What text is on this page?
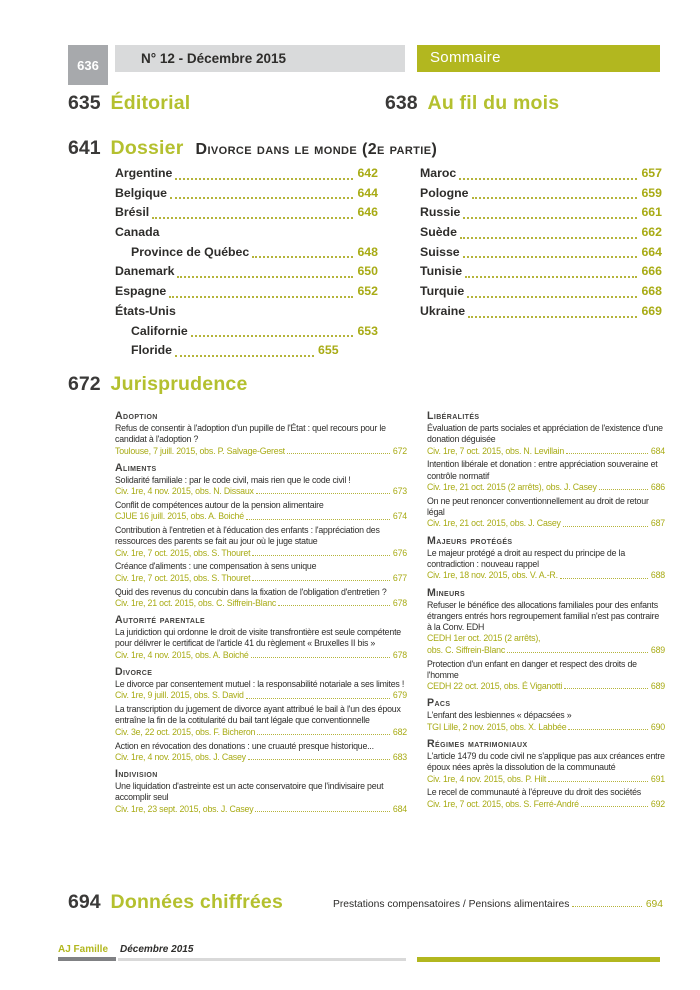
636	N° 12 - Décembre 2015	Sommaire
635 Éditorial	638 Au fil du mois
641 Dossier Divorce dans le monde (2e partie)
Argentine	642
Belgique	644
Brésil	646
Canada
Province de Québec	648
Danemark	650
Espagne	652
États-Unis
Californie	653
Floride	655
Maroc	657
Pologne	659
Russie	661
Suède	662
Suisse	664
Tunisie	666
Turquie	668
Ukraine	669
672 Jurisprudence
Adoption
Refus de consentir à l'adoption d'un pupille de l'État : quel recours pour le candidat à l'adoption ?
Toulouse, 7 juill. 2015, obs. P. Salvage-Gerest	672
Aliments
Solidarité familiale : par le code civil, mais rien que le code civil !
Civ. 1re, 4 nov. 2015, obs. N. Dissaux	673
Conflit de compétences autour de la pension alimentaire
CJUE 16 juill. 2015, obs. A. Boiché	674
Contribution à l'entretien et à l'éducation des enfants : l'appréciation des ressources des parents se fait au jour où le juge statue
Civ. 1re, 7 oct. 2015, obs. S. Thouret	676
Créance d'aliments : une compensation à sens unique
Civ. 1re, 7 oct. 2015, obs. S. Thouret	677
Quid des revenus du concubin dans la fixation de l'obligation d'entretien ?
Civ. 1re, 21 oct. 2015, obs. C. Siffrein-Blanc	678
Autorité parentale
La juridiction qui ordonne le droit de visite transfrontière est seule compétente pour délivrer le certificat de l'article 41 du règlement « Bruxelles II bis »
Civ. 1re, 4 nov. 2015, obs. A. Boiché	678
Divorce
Le divorce par consentement mutuel : la responsabilité notariale a ses limites !
Civ. 1re, 9 juill. 2015, obs. S. David	679
La transcription du jugement de divorce ayant attribué le bail à l'un des époux entraîne la fin de la cotitularité du bail tant légale que conventionnelle
Civ. 3e, 22 oct. 2015, obs. F. Bicheron	682
Action en révocation des donations : une cruauté presque historique...
Civ. 1re, 4 nov. 2015, obs. J. Casey	683
Indivision
Une liquidation d'astreinte est un acte conservatoire que l'indivisaire peut accomplir seul
Civ. 1re, 23 sept. 2015, obs. J. Casey	684
Libéralités
Évaluation de parts sociales et appréciation de l'existence d'une donation déguisée
Civ. 1re, 7 oct. 2015, obs. N. Levillain	684
Intention libérale et donation : entre appréciation souveraine et contrôle normatif
Civ. 1re, 21 oct. 2015 (2 arrêts), obs. J. Casey	686
On ne peut renoncer conventionnellement au droit de retour légal
Civ. 1re, 21 oct. 2015, obs. J. Casey	687
Majeurs protégés
Le majeur protégé a droit au respect du principe de la contradiction : nouveau rappel
Civ. 1re, 18 nov. 2015, obs. V. A.-R.	688
Mineurs
Refuser le bénéfice des allocations familiales pour des enfants étrangers entrés hors regroupement familial n'est pas contraire à la Conv. EDH
CEDH 1er oct. 2015 (2 arrêts),
obs. C. Siffrein-Blanc	689
Protection d'un enfant en danger et respect des droits de l'homme
CEDH 22 oct. 2015, obs. É Viganotti	689
Pacs
L'enfant des lesbiennes « dépacsées »
TGI Lille, 2 nov. 2015, obs. X. Labbée	690
Régimes matrimoniaux
L'article 1479 du code civil ne s'applique pas aux créances entre époux nées après la dissolution de la communauté
Civ. 1re, 4 nov. 2015, obs. P. Hilt	691
Le recel de communauté à l'épreuve du droit des sociétés
Civ. 1re, 7 oct. 2015, obs. S. Ferré-André	692
694 Données chiffrées	Prestations compensatoires / Pensions alimentaires	694
AJ Famille Décembre 2015
